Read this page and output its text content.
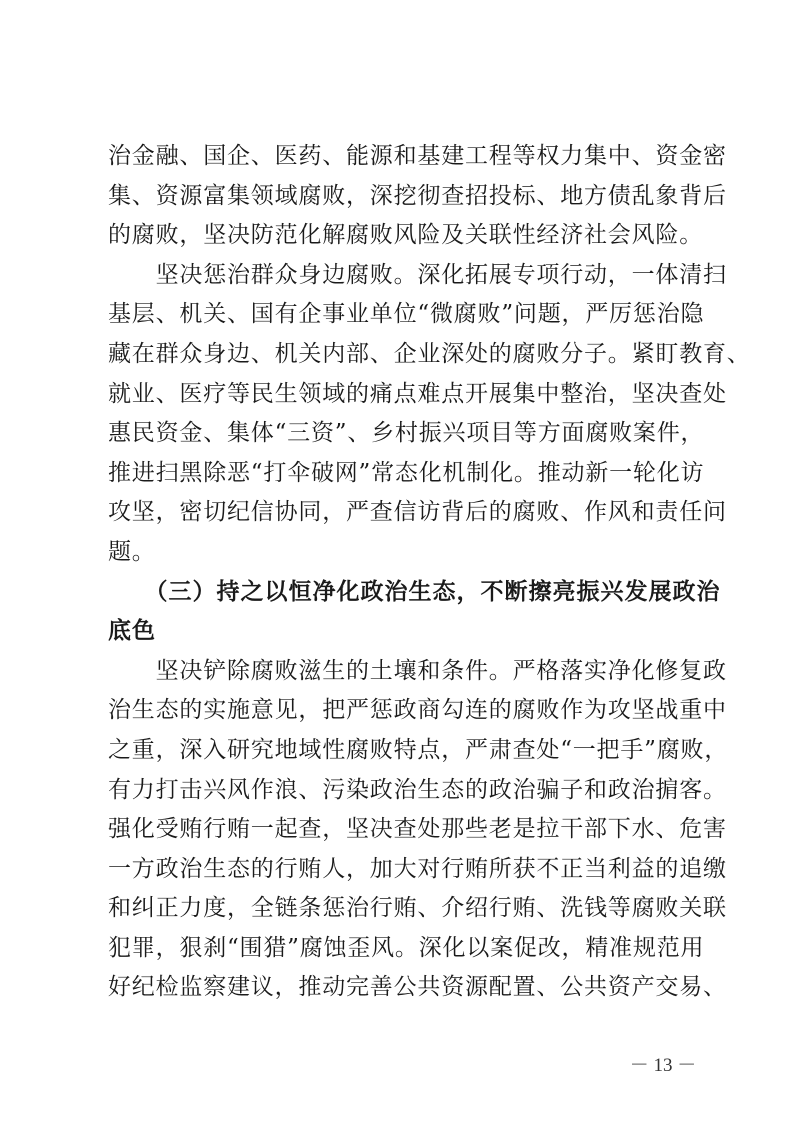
治金融、国企、医药、能源和基建工程等权力集中、资金密
集、资源富集领域腐败，深挖彻查招投标、地方债乱象背后
的腐败，坚决防范化解腐败风险及关联性经济社会风险。
　　坚决惩治群众身边腐败。深化拓展专项行动，一体清扫
基层、机关、国有企事业单位“微腐败”问题，严厉惩治隐
藏在群众身边、机关内部、企业深处的腐败分子。紧盯教育、
就业、医疗等民生领域的痛点难点开展集中整治，坚决查处
惠民资金、集体“三资”、乡村振兴项目等方面腐败案件，
推进扫黑除恶“打伞破网”常态化机制化。推动新一轮化访
攻坚，密切纪信协同，严查信访背后的腐败、作风和责任问
题。
　　（三）持之以恒净化政治生态，不断擦亮振兴发展政治
底色
　　坚决铲除腐败滋生的土壤和条件。严格落实净化修复政
治生态的实施意见，把严惩政商勾连的腐败作为攻坚战重中
之重，深入研究地域性腐败特点，严肃查处“一把手”腐败，
有力打击兴风作浪、污染政治生态的政治骗子和政治掮客。
强化受贿行贿一起查，坚决查处那些老是拉干部下水、危害
一方政治生态的行贿人，加大对行贿所获不正当利益的追缴
和纠正力度，全链条惩治行贿、介绍行贿、洗钱等腐败关联
犯罪，狠刹“围猎”腐蚀歪风。深化以案促改，精准规范用
好纪检监察建议，推动完善公共资源配置、公共资产交易、
－ 13 －
